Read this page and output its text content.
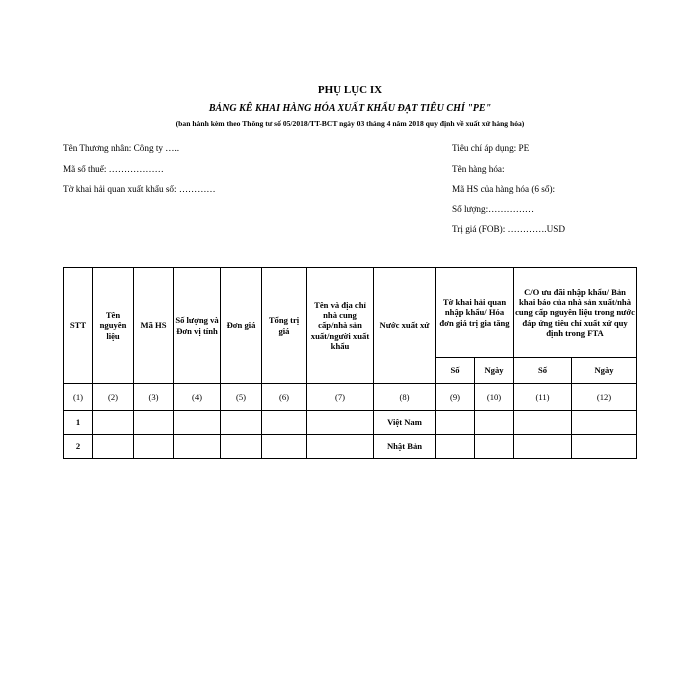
PHỤ LỤC IX
BẢNG KÊ KHAI HÀNG HÓA XUẤT KHẨU ĐẠT TIÊU CHÍ "PE"
(ban hành kèm theo Thông tư số 05/2018/TT-BCT ngày 03 tháng 4 năm 2018 quy định về xuất xứ hàng hóa)
Tên Thương nhân: Công ty …..
Mã số thuế: ………………
Tờ khai hải quan xuất khẩu số: …………
Tiêu chí áp dụng: PE
Tên hàng hóa:
Mã HS của hàng hóa (6 số):
Số lượng:……………
Trị giá (FOB): ………….USD
STT	Tên nguyên liệu	Mã HS	Số lượng và Đơn vị tính	Đơn giá	Tổng trị giá	Tên và địa chỉ nhà cung cấp/nhà sản xuất/người xuất khẩu	Nước xuất xứ	Tờ khai hải quan nhập khẩu/ Hóa đơn giá trị gia tăng		C/O ưu đãi nhập khẩu/ Bản khai báo của nhà sản xuất/nhà cung cấp nguyên liệu trong nước đáp ứng tiêu chí xuất xứ quy định trong FTA	
								Số	Ngày	Số	Ngày
(1)	(2)	(3)	(4)	(5)	(6)	(7)	(8)	(9)	(10)	(11)	(12)
1							Việt Nam				
2							Nhật Bản				
